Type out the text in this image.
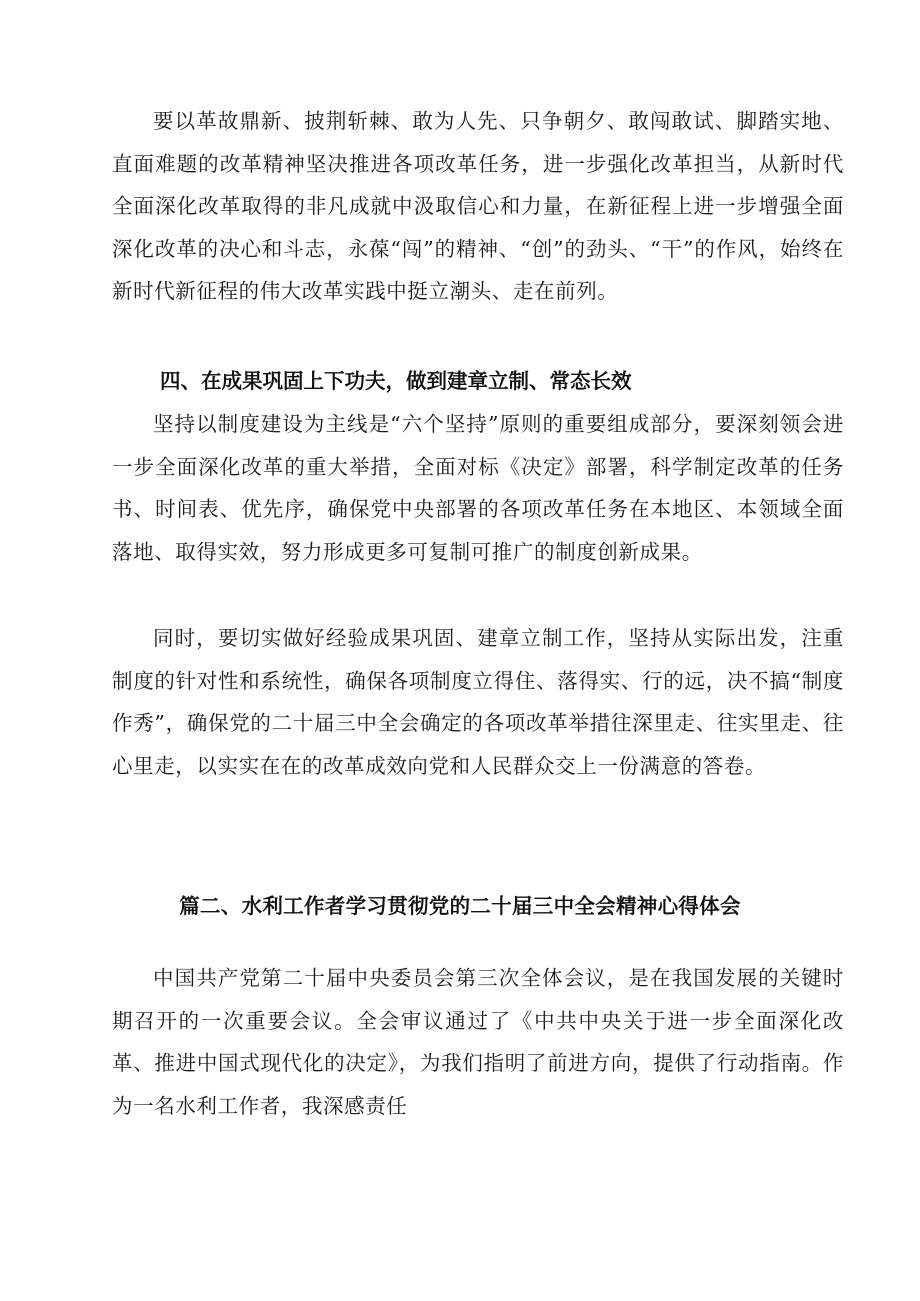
要以革故鼎新、披荆斩棘、敢为人先、只争朝夕、敢闯敢试、脚踏实地、直面难题的改革精神坚决推进各项改革任务，进一步强化改革担当，从新时代全面深化改革取得的非凡成就中汲取信心和力量，在新征程上进一步增强全面深化改革的决心和斗志，永葆“闯”的精神、“创”的劲头、“干”的作风，始终在新时代新征程的伟大改革实践中挺立潮头、走在前列。

四、在成果巩固上下功夫，做到建章立制、常态长效

坚持以制度建设为主线是“六个坚持”原则的重要组成部分，要深刻领会进一步全面深化改革的重大举措，全面对标《决定》部署，科学制定改革的任务书、时间表、优先序，确保党中央部署的各项改革任务在本地区、本领域全面落地、取得实效，努力形成更多可复制可推广的制度创新成果。

同时，要切实做好经验成果巩固、建章立制工作，坚持从实际出发，注重制度的针对性和系统性，确保各项制度立得住、落得实、行的远，决不搞“制度作秀”，确保党的二十届三中全会确定的各项改革举措往深里走、往实里走、往心里走，以实实在在的改革成效向党和人民群众交上一份满意的答卷。

篇二、水利工作者学习贯彻党的二十届三中全会精神心得体会

中国共产党第二十届中央委员会第三次全体会议，是在我国发展的关键时期召开的一次重要会议。全会审议通过了《中共中央关于进一步全面深化改革、推进中国式现代化的决定》，为我们指明了前进方向，提供了行动指南。作为一名水利工作者，我深感责任
